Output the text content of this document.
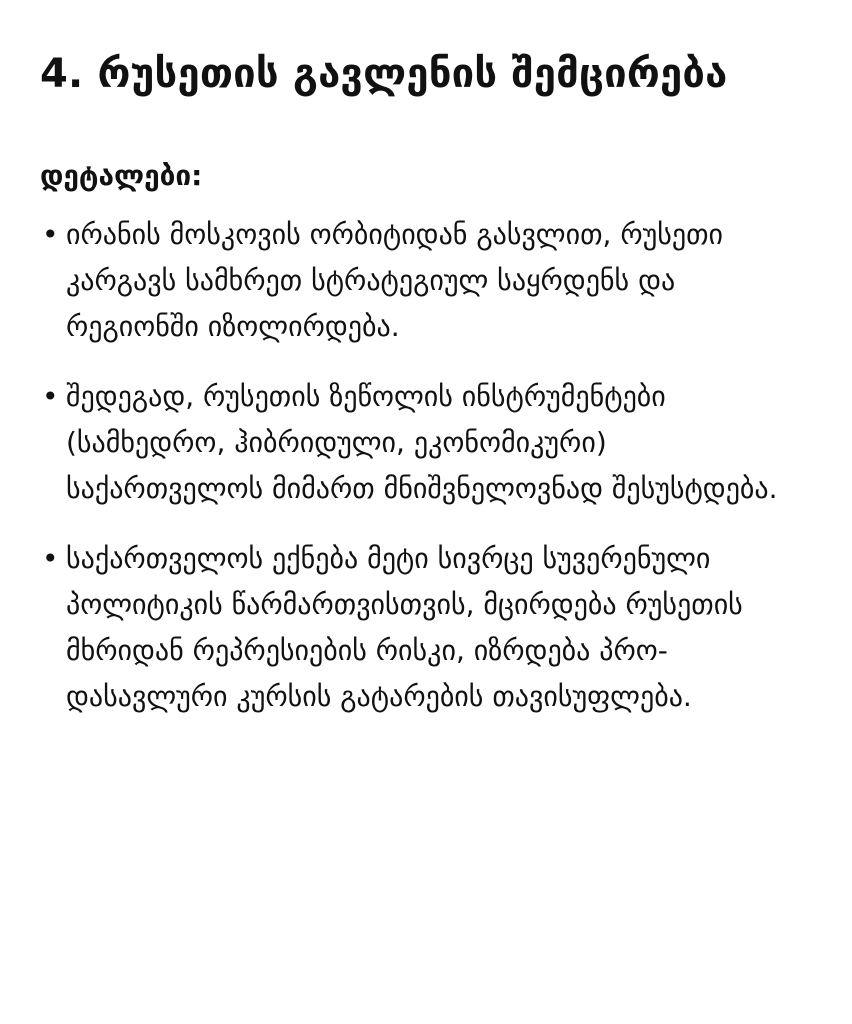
4. რუსეთის გავლენის შემცირება
დეტალები:
• ირანის მოსკოვის ორბიტიდან გასვლით, რუსეთი კარგავს სამხრეთ სტრატეგიულ საყრდენს და რეგიონში იზოლირდება.
• შედეგად, რუსეთის ზეწოლის ინსტრუმენტები (სამხედრო, ჰიბრიდული, ეკონომიკური) საქართველოს მიმართ მნიშვნელოვნად შესუსტდება.
• საქართველოს ექნება მეტი სივრცე სუვერენული პოლიტიკის წარმართვისთვის, მცირდება რუსეთის მხრიდან რეპრესიების რისკი, იზრდება პრო-დასავლური კურსის გატარების თავისუფლება.
